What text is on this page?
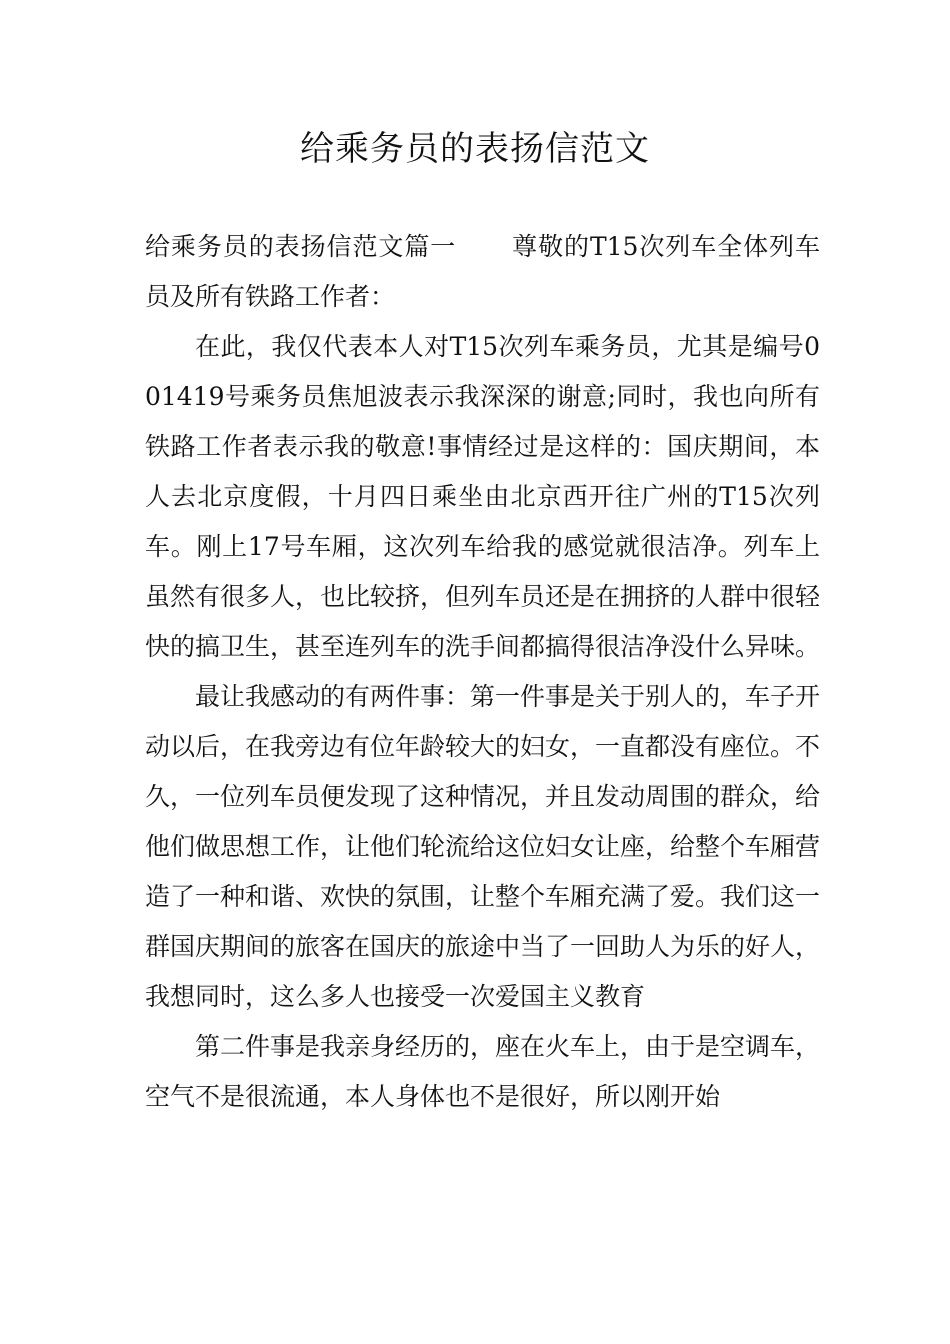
给乘务员的表扬信范文

给乘务员的表扬信范文篇一 尊敬的T15次列车全体列车员及所有铁路工作者：

在此，我仅代表本人对T15次列车乘务员，尤其是编号001419号乘务员焦旭波表示我深深的谢意;同时，我也向所有铁路工作者表示我的敬意!事情经过是这样的：国庆期间，本人去北京度假，十月四日乘坐由北京西开往广州的T15次列车。刚上17号车厢，这次列车给我的感觉就很洁净。列车上虽然有很多人，也比较挤，但列车员还是在拥挤的人群中很轻快的搞卫生，甚至连列车的洗手间都搞得很洁净没什么异味。

最让我感动的有两件事：第一件事是关于别人的，车子开动以后，在我旁边有位年龄较大的妇女，一直都没有座位。不久，一位列车员便发现了这种情况，并且发动周围的群众，给他们做思想工作，让他们轮流给这位妇女让座，给整个车厢营造了一种和谐、欢快的氛围，让整个车厢充满了爱。我们这一群国庆期间的旅客在国庆的旅途中当了一回助人为乐的好人，我想同时，这么多人也接受一次爱国主义教育

第二件事是我亲身经历的，座在火车上，由于是空调车，空气不是很流通，本人身体也不是很好，所以刚开始
